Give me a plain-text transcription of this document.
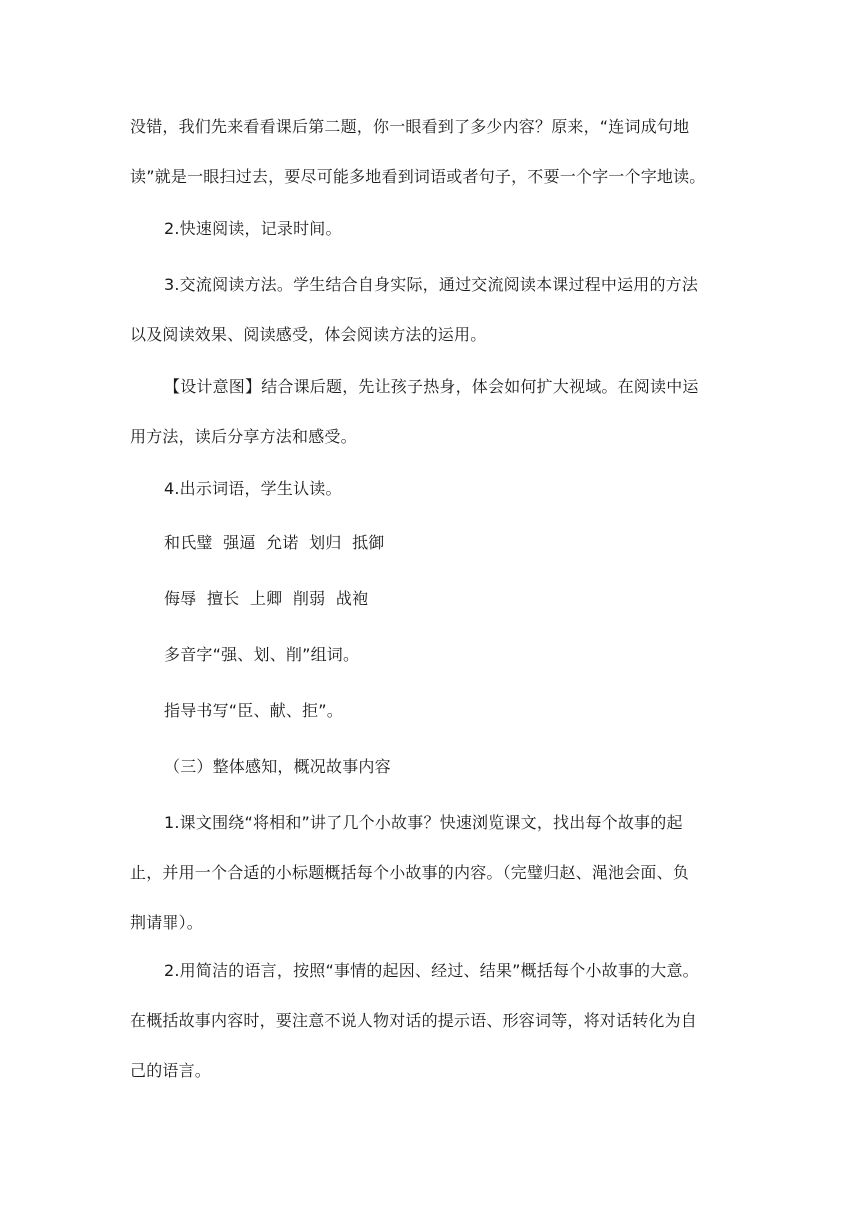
没错，我们先来看看课后第二题，你一眼看到了多少内容？原来，“连词成句地
读”就是一眼扫过去，要尽可能多地看到词语或者句子，不要一个字一个字地读。

2.快速阅读，记录时间。

3.交流阅读方法。学生结合自身实际，通过交流阅读本课过程中运用的方法
以及阅读效果、阅读感受，体会阅读方法的运用。

【设计意图】结合课后题，先让孩子热身，体会如何扩大视域。在阅读中运
用方法，读后分享方法和感受。

4.出示词语，学生认读。

和氏璧  强逼  允诺  划归  抵御

侮辱  擅长  上卿  削弱  战袍

多音字“强、划、削”组词。

指导书写“臣、献、拒”。

（三）整体感知，概况故事内容

1.课文围绕“将相和”讲了几个小故事？快速浏览课文，找出每个故事的起
止，并用一个合适的小标题概括每个小故事的内容。（完璧归赵、渑池会面、负
荆请罪）。

2.用简洁的语言，按照“事情的起因、经过、结果”概括每个小故事的大意。
在概括故事内容时，要注意不说人物对话的提示语、形容词等，将对话转化为自
己的语言。
